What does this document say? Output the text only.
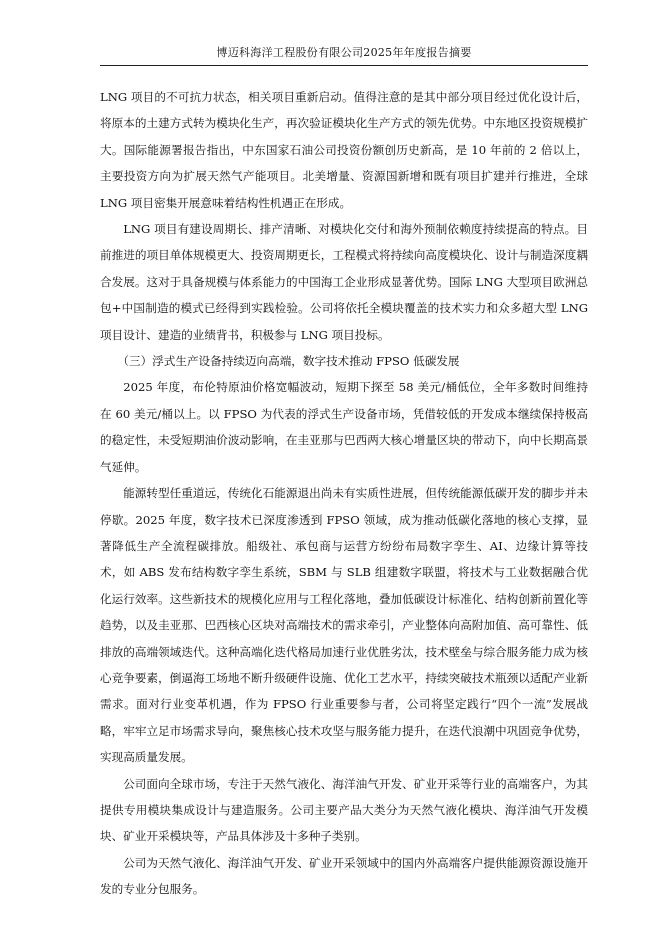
博迈科海洋工程股份有限公司2025年年度报告摘要

LNG 项目的不可抗力状态，相关项目重新启动。值得注意的是其中部分项目经过优化设计后，将原本的土建方式转为模块化生产，再次验证模块化生产方式的领先优势。中东地区投资规模扩大。国际能源署报告指出，中东国家石油公司投资份额创历史新高，是 10 年前的 2 倍以上，主要投资方向为扩展天然气产能项目。北美增量、资源国新增和既有项目扩建并行推进，全球 LNG 项目密集开展意味着结构性机遇正在形成。

LNG 项目有建设周期长、排产清晰、对模块化交付和海外预制依赖度持续提高的特点。目前推进的项目单体规模更大、投资周期更长，工程模式将持续向高度模块化、设计与制造深度耦合发展。这对于具备规模与体系能力的中国海工企业形成显著优势。国际 LNG 大型项目欧洲总包+中国制造的模式已经得到实践检验。公司将依托全模块覆盖的技术实力和众多超大型 LNG 项目设计、建造的业绩背书，积极参与 LNG 项目投标。

（三）浮式生产设备持续迈向高端，数字技术推动 FPSO 低碳发展

2025 年度，布伦特原油价格宽幅波动，短期下探至 58 美元/桶低位，全年多数时间维持在 60 美元/桶以上。以 FPSO 为代表的浮式生产设备市场，凭借较低的开发成本继续保持极高的稳定性，未受短期油价波动影响，在圭亚那与巴西两大核心增量区块的带动下，向中长期高景气延伸。

能源转型任重道远，传统化石能源退出尚未有实质性进展，但传统能源低碳开发的脚步并未停歇。2025 年度，数字技术已深度渗透到 FPSO 领域，成为推动低碳化落地的核心支撑，显著降低生产全流程碳排放。船级社、承包商与运营方纷纷布局数字孪生、AI、边缘计算等技术，如 ABS 发布结构数字孪生系统，SBM 与 SLB 组建数字联盟，将技术与工业数据融合优化运行效率。这些新技术的规模化应用与工程化落地，叠加低碳设计标准化、结构创新前置化等趋势，以及圭亚那、巴西核心区块对高端技术的需求牵引，产业整体向高附加值、高可靠性、低排放的高端领域迭代。这种高端化迭代格局加速行业优胜劣汰，技术壁垒与综合服务能力成为核心竞争要素，倒逼海工场地不断升级硬件设施、优化工艺水平，持续突破技术瓶颈以适配产业新需求。面对行业变革机遇，作为 FPSO 行业重要参与者，公司将坚定践行“四个一流”发展战略，牢牢立足市场需求导向，聚焦核心技术攻坚与服务能力提升，在迭代浪潮中巩固竞争优势，实现高质量发展。

公司面向全球市场，专注于天然气液化、海洋油气开发、矿业开采等行业的高端客户，为其提供专用模块集成设计与建造服务。公司主要产品大类分为天然气液化模块、海洋油气开发模块、矿业开采模块等，产品具体涉及十多种子类别。

公司为天然气液化、海洋油气开发、矿业开采领域中的国内外高端客户提供能源资源设施开发的专业分包服务。
